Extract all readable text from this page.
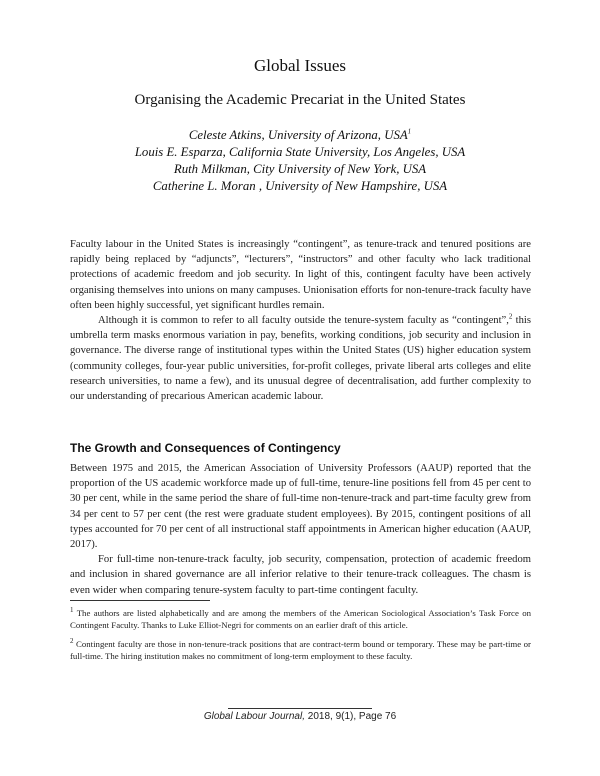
Global Issues
Organising the Academic Precariat in the United States
Celeste Atkins, University of Arizona, USA$^1$
Louis E. Esparza, California State University, Los Angeles, USA
Ruth Milkman, City University of New York, USA
Catherine L. Moran , University of New Hampshire, USA

Faculty labour in the United States is increasingly “contingent”, as tenure-track and tenured positions are rapidly being replaced by “adjuncts”, “lecturers”, “instructors” and other faculty who lack traditional protections of academic freedom and job security. In light of this, contingent faculty have been actively organising themselves into unions on many campuses. Unionisation efforts for non-tenure-track faculty have often been highly successful, yet significant hurdles remain.

Although it is common to refer to all faculty outside the tenure-system faculty as “contingent”,$^2$ this umbrella term masks enormous variation in pay, benefits, working conditions, job security and inclusion in governance. The diverse range of institutional types within the United States (US) higher education system (community colleges, four-year public universities, for-profit colleges, private liberal arts colleges and elite research universities, to name a few), and its unusual degree of decentralisation, add further complexity to our understanding of precarious American academic labour.

The Growth and Consequences of Contingency

Between 1975 and 2015, the American Association of University Professors (AAUP) reported that the proportion of the US academic workforce made up of full-time, tenure-line positions fell from 45 per cent to 30 per cent, while in the same period the share of full-time non-tenure-track and part-time faculty grew from 34 per cent to 57 per cent (the rest were graduate student employees). By 2015, contingent positions of all types accounted for 70 per cent of all instructional staff appointments in American higher education (AAUP, 2017).

For full-time non-tenure-track faculty, job security, compensation, protection of academic freedom and inclusion in shared governance are all inferior relative to their tenure-track colleagues. The chasm is even wider when comparing tenure-system faculty to part-time contingent faculty.

$^1$ The authors are listed alphabetically and are among the members of the American Sociological Association’s Task Force on Contingent Faculty. Thanks to Luke Elliot-Negri for comments on an earlier draft of this article.

$^2$ Contingent faculty are those in non-tenure-track positions that are contract-term bound or temporary. These may be part-time or full-time. The hiring institution makes no commitment of long-term employment to these faculty.

Global Labour Journal, 2018, 9(1), Page 76
